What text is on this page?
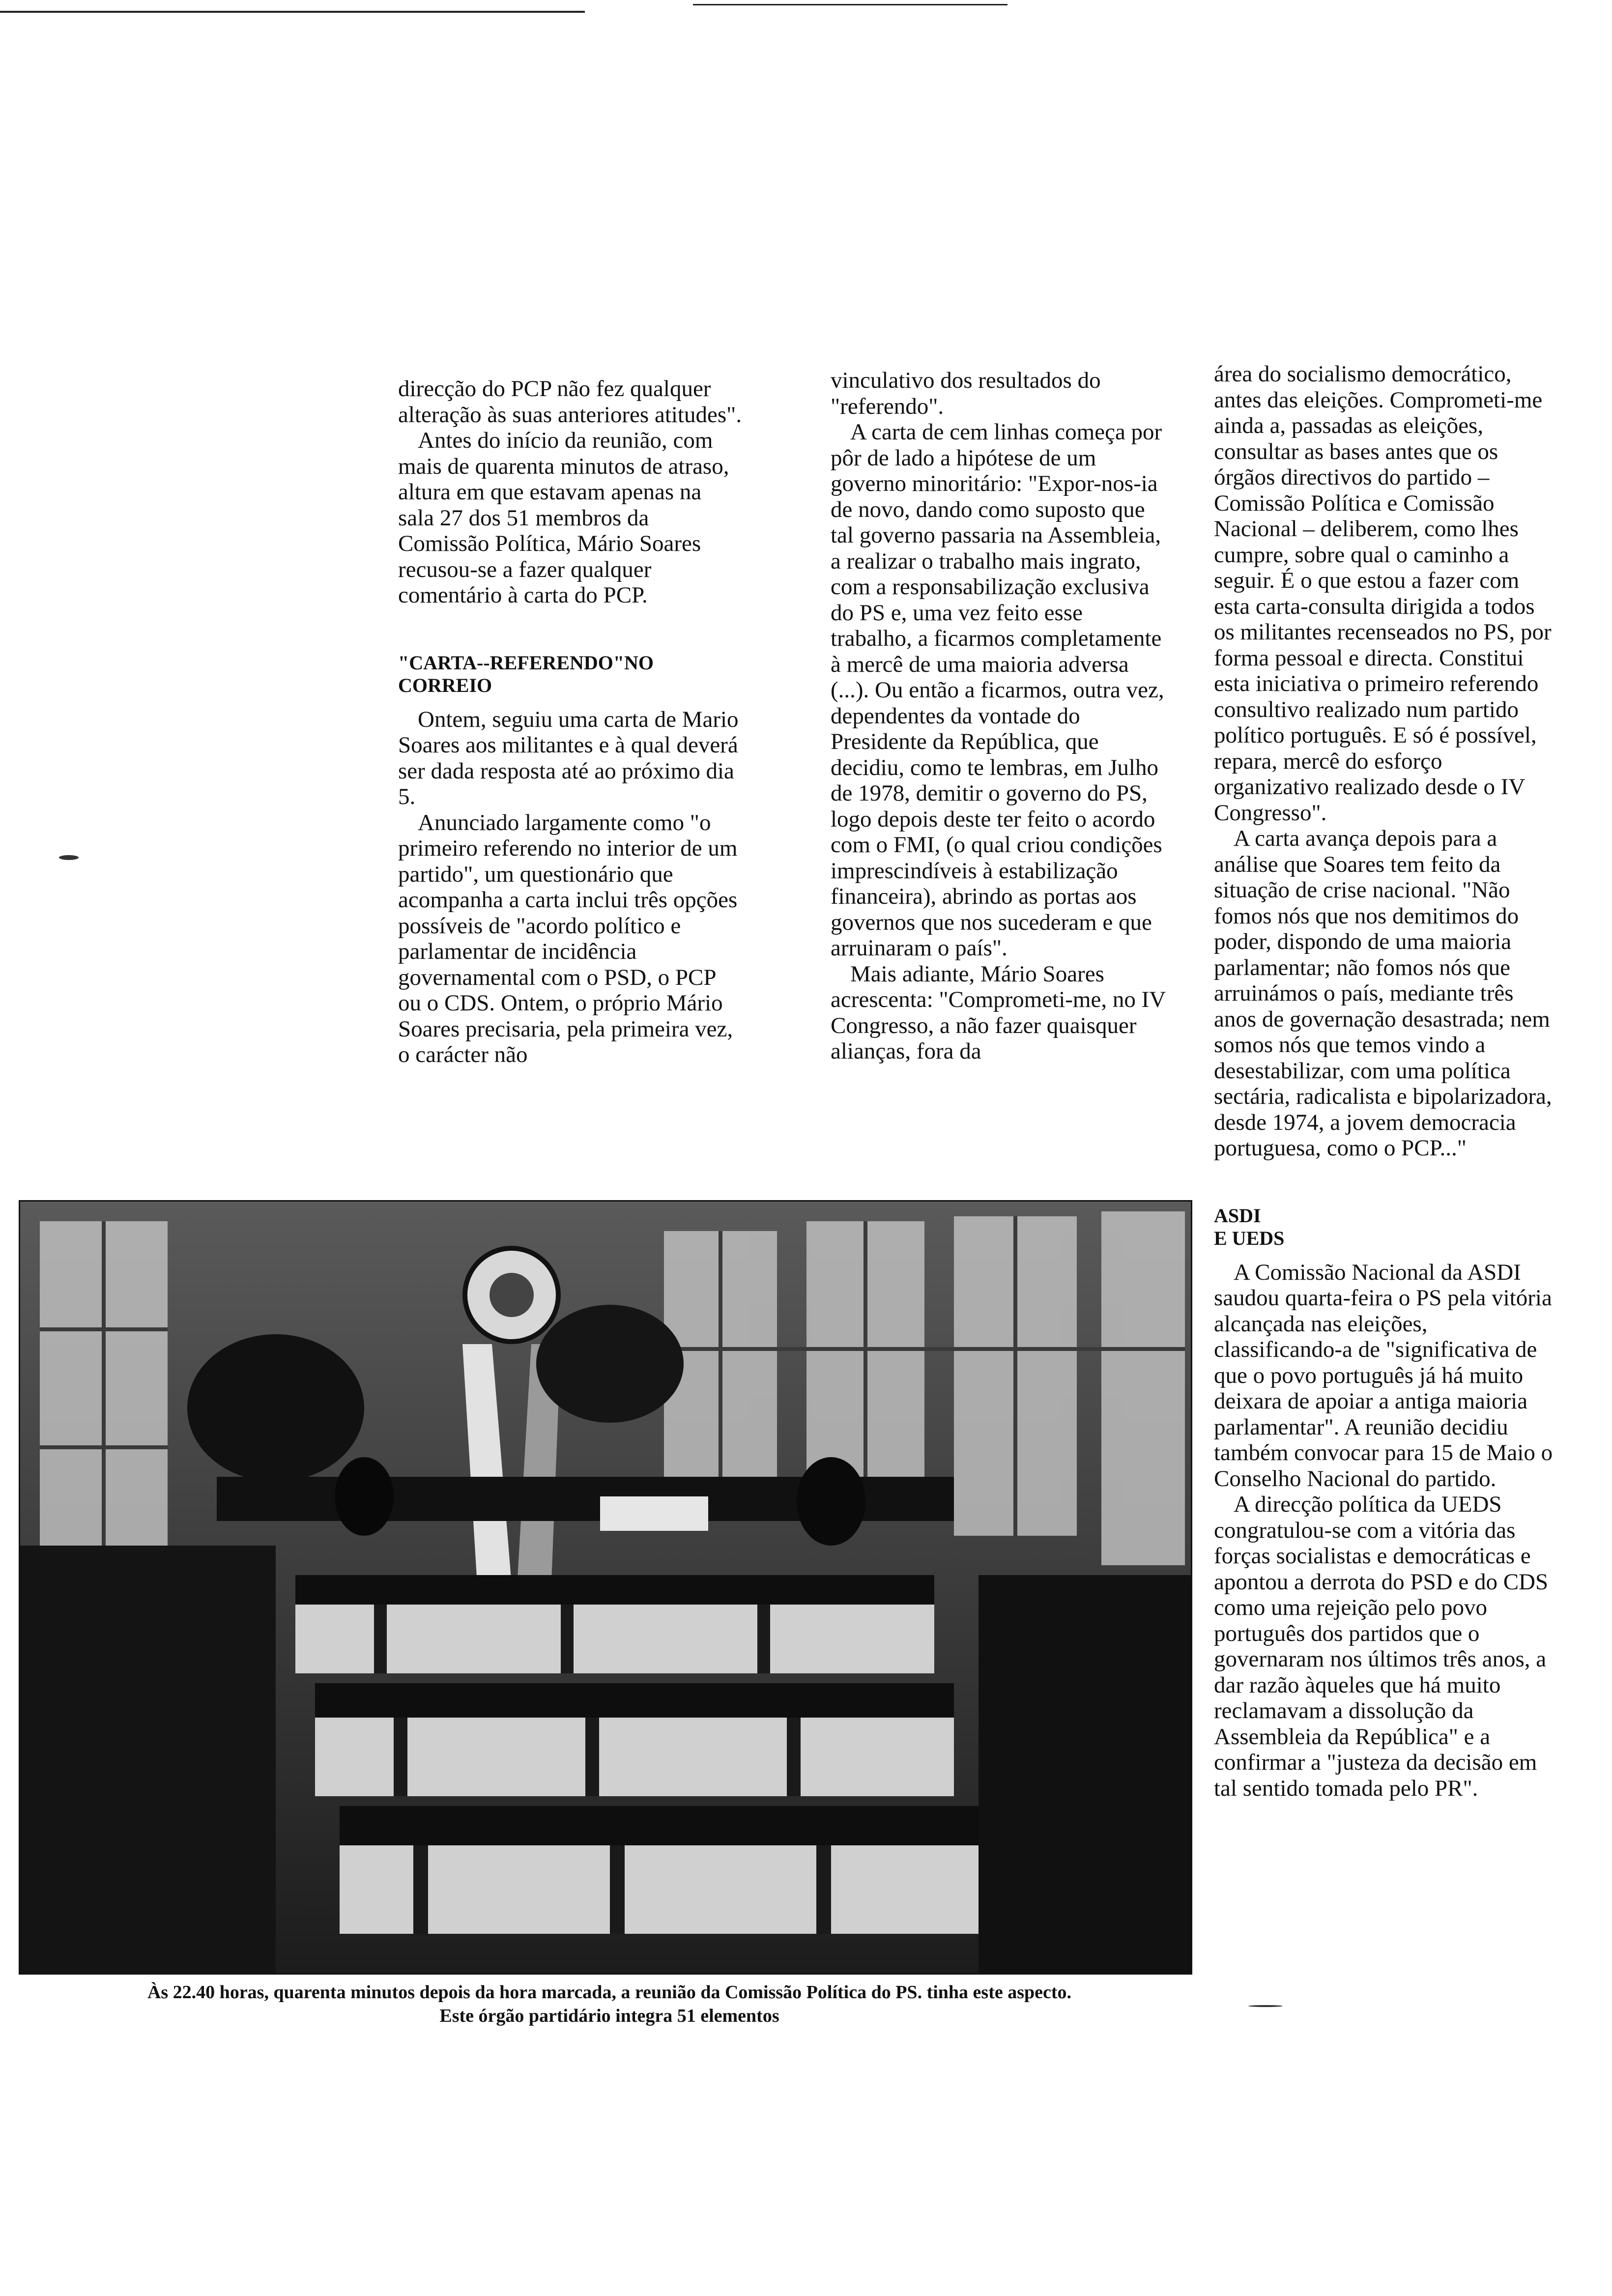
direcção do PCP não fez qualquer alteração às suas anteriores atitudes".

Antes do início da reunião, com mais de quarenta minutos de atraso, altura em que estavam apenas na sala 27 dos 51 membros da Comissão Política, Mário Soares recusou-se a fazer qualquer comentário à carta do PCP.

"CARTA--REFERENDO"NO CORREIO

Ontem, seguiu uma carta de Mario Soares aos militantes e à qual deverá ser dada resposta até ao próximo dia 5.

Anunciado largamente como "o primeiro referendo no interior de um partido", um questionário que acompanha a carta inclui três opções possíveis de "acordo político e parlamentar de incidência governamental com o PSD, o PCP ou o CDS. Ontem, o próprio Mário Soares precisaria, pela primeira vez, o carácter não

vinculativo dos resultados do "referendo".

A carta de cem linhas começa por pôr de lado a hipótese de um governo minoritário: "Expor-nos-ia de novo, dando como suposto que tal governo passaria na Assembleia, a realizar o trabalho mais ingrato, com a responsabilização exclusiva do PS e, uma vez feito esse trabalho, a ficarmos completamente à mercê de uma maioria adversa (...). Ou então a ficarmos, outra vez, dependentes da vontade do Presidente da República, que decidiu, como te lembras, em Julho de 1978, demitir o governo do PS, logo depois deste ter feito o acordo com o FMI, (o qual criou condições imprescindíveis à estabilização financeira), abrindo as portas aos governos que nos sucederam e que arruinaram o país".

Mais adiante, Mário Soares acrescenta: "Comprometi-me, no IV Congresso, a não fazer quaisquer alianças, fora da

área do socialismo democrático, antes das eleições. Comprometi-me ainda a, passadas as eleições, consultar as bases antes que os órgãos directivos do partido – Comissão Política e Comissão Nacional – deliberem, como lhes cumpre, sobre qual o caminho a seguir. É o que estou a fazer com esta carta-consulta dirigida a todos os militantes recenseados no PS, por forma pessoal e directa. Constitui esta iniciativa o primeiro referendo consultivo realizado num partido político português. E só é possível, repara, mercê do esforço organizativo realizado desde o IV Congresso".

A carta avança depois para a análise que Soares tem feito da situação de crise nacional. "Não fomos nós que nos demitimos do poder, dispondo de uma maioria parlamentar; não fomos nós que arruinámos o país, mediante três anos de governação desastrada; nem somos nós que temos vindo a desestabilizar, com uma política sectária, radicalista e bipolarizadora, desde 1974, a jovem democracia portuguesa, como o PCP..."

ASDI
E UEDS

A Comissão Nacional da ASDI saudou quarta-feira o PS pela vitória alcançada nas eleições, classificando-a de "significativa de que o povo português já há muito deixara de apoiar a antiga maioria parlamentar". A reunião decidiu também convocar para 15 de Maio o Conselho Nacional do partido.

A direcção política da UEDS congratulou-se com a vitória das forças socialistas e democráticas e apontou a derrota do PSD e do CDS como uma rejeição pelo povo português dos partidos que o governaram nos últimos três anos, a dar razão àqueles que há muito reclamavam a dissolução da Assembleia da República" e a confirmar a "justeza da decisão em tal sentido tomada pelo PR".

Às 22.40 horas, quarenta minutos depois da hora marcada, a reunião da Comissão Política do PS. tinha este aspecto.
Este órgão partidário integra 51 elementos
